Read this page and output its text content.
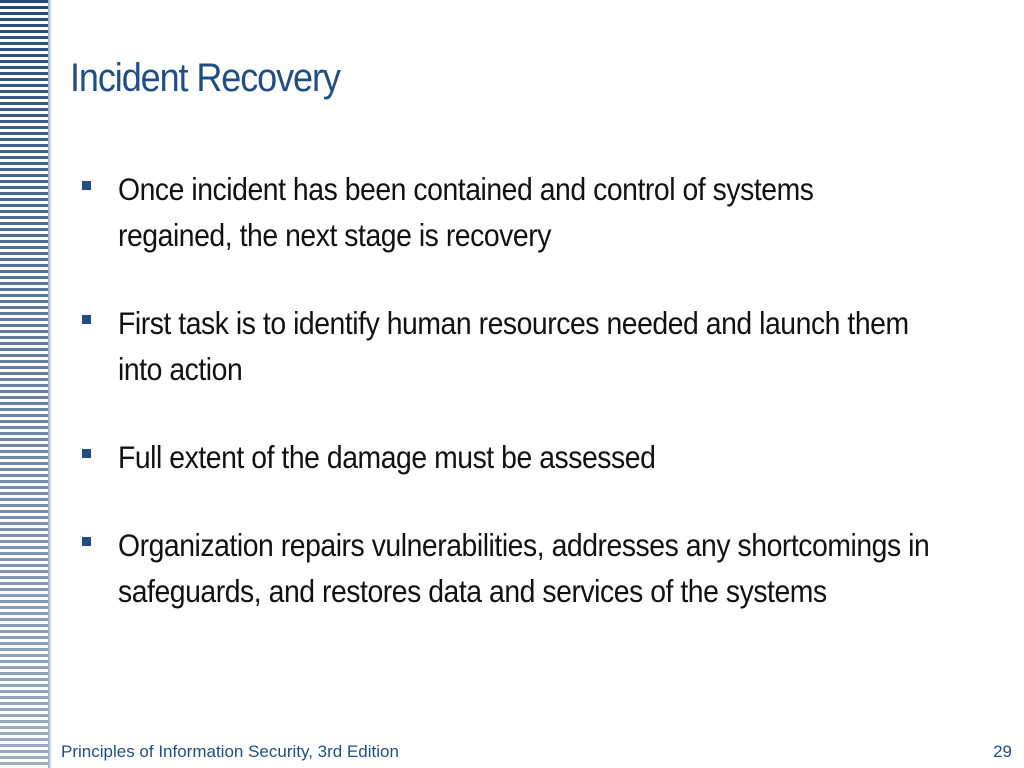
Incident Recovery
Once incident has been contained and control of systems regained, the next stage is recovery
First task is to identify human resources needed and launch them into action
Full extent of the damage must be assessed
Organization repairs vulnerabilities, addresses any shortcomings in safeguards, and restores data and services of the systems
Principles of Information Security, 3rd Edition	29
